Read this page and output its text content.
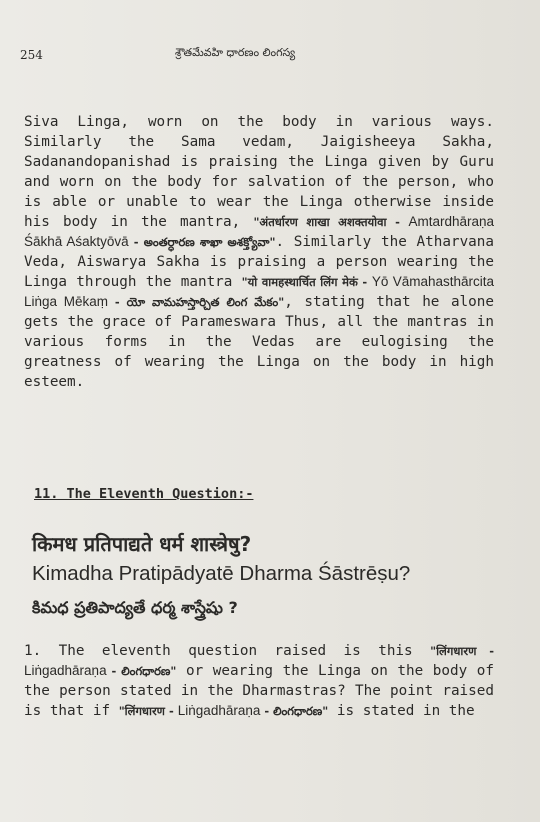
254	శ్రౌతమేవహి ధారణం లింగస్య
Siva Linga, worn on the body in various ways. Similarly the Sama vedam, Jaigisheeya Sakha, Sadanandopanishad is praising the Linga given by Guru and worn on the body for salvation of the person, who is able or unable to wear the Linga otherwise inside his body in the mantra, "अंतर्धारण शाखा अशक्तयोवा - Amtardhāraṇa Śākhā Aśaktyōvā - అంతర్ధారణ శాఖా అశక్త్యోవా". Similarly the Atharvana Veda, Aiswarya Sakha is praising a person wearing the Linga through the mantra "यो वामहस्थार्चित लिंग मेकं - Yō Vāmahasthārcita Liṅga Mēkaṃ - యో వామహస్తార్చిత లింగ మేకం", stating that he alone gets the grace of Parameswara Thus, all the mantras in various forms in the Vedas are eulogising the greatness of wearing the Linga on the body in high esteem.
11. The Eleventh Question:-
किमध प्रतिपाद्यते धर्म शास्त्रेषु?
Kimadha Pratipādyatē Dharma Śāstrēṣu?
కిమధ ప్రతిపాద్యతే ధర్మ శాస్త్రేషు ?
1. The eleventh question raised is this "लिंगधारण - Liṅgadhāraṇa - లింగధారణ" or wearing the Linga on the body of the person stated in the Dharmastras? The point raised is that if "लिंगधारण - Liṅgadhāraṇa - లింగధారణ" is stated in the
